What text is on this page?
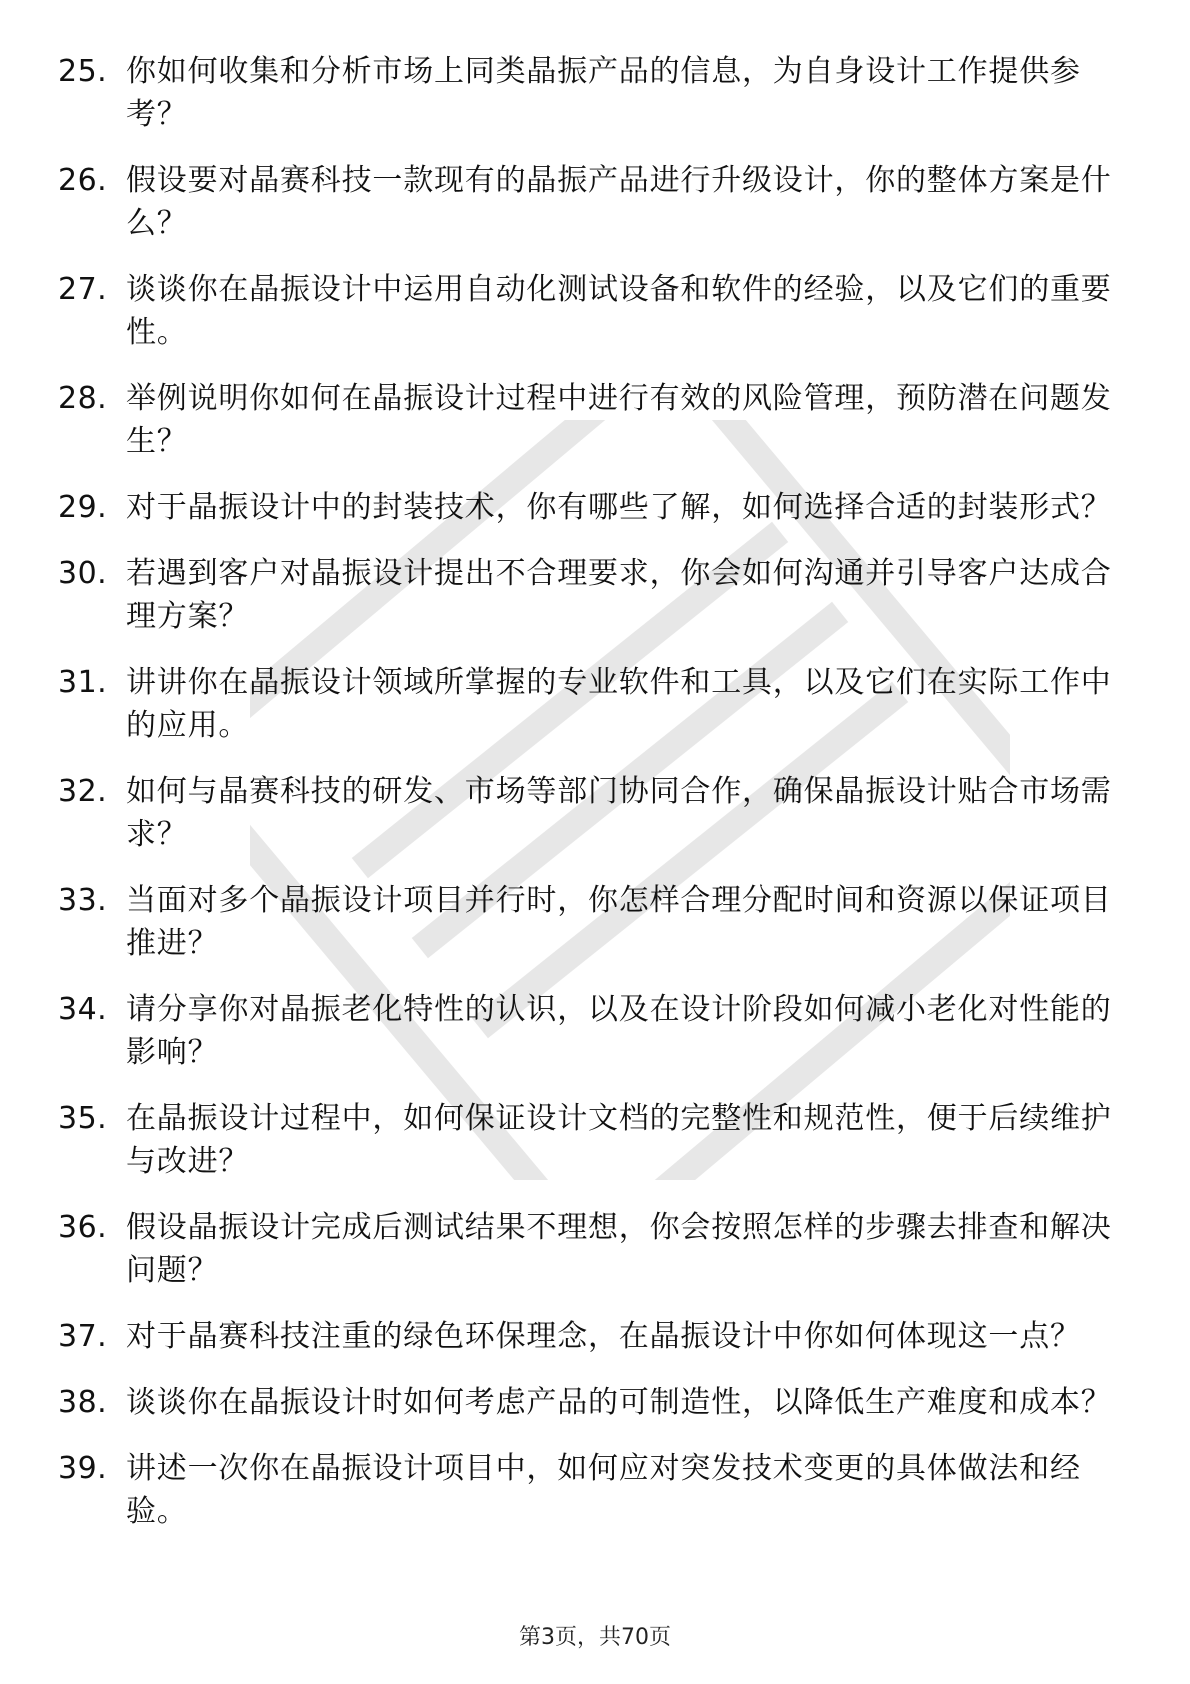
25. 你如何收集和分析市场上同类晶振产品的信息，为自身设计工作提供参考？
26. 假设要对晶赛科技一款现有的晶振产品进行升级设计，你的整体方案是什么？
27. 谈谈你在晶振设计中运用自动化测试设备和软件的经验，以及它们的重要性。
28. 举例说明你如何在晶振设计过程中进行有效的风险管理，预防潜在问题发生？
29. 对于晶振设计中的封装技术，你有哪些了解，如何选择合适的封装形式？
30. 若遇到客户对晶振设计提出不合理要求，你会如何沟通并引导客户达成合理方案？
31. 讲讲你在晶振设计领域所掌握的专业软件和工具，以及它们在实际工作中的应用。
32. 如何与晶赛科技的研发、市场等部门协同合作，确保晶振设计贴合市场需求？
33. 当面对多个晶振设计项目并行时，你怎样合理分配时间和资源以保证项目推进？
34. 请分享你对晶振老化特性的认识，以及在设计阶段如何减小老化对性能的影响？
35. 在晶振设计过程中，如何保证设计文档的完整性和规范性，便于后续维护与改进？
36. 假设晶振设计完成后测试结果不理想，你会按照怎样的步骤去排查和解决问题？
37. 对于晶赛科技注重的绿色环保理念，在晶振设计中你如何体现这一点？
38. 谈谈你在晶振设计时如何考虑产品的可制造性，以降低生产难度和成本？
39. 讲述一次你在晶振设计项目中，如何应对突发技术变更的具体做法和经验。
第3页，共70页
